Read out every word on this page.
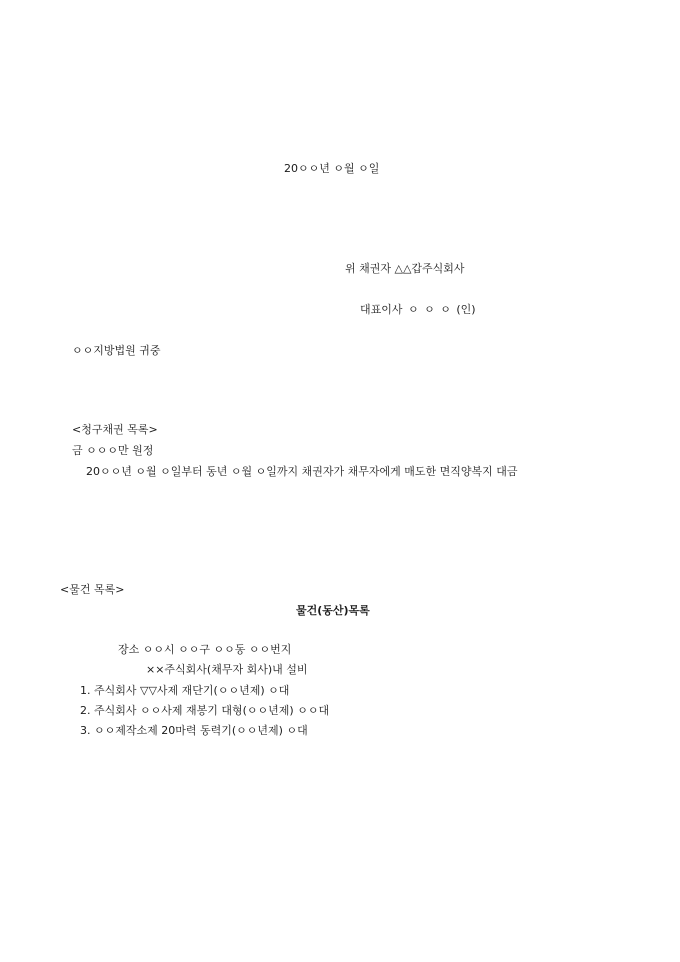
20ㅇㅇ년 ㅇ월 ㅇ일
위 채권자 △△갑주식회사
대표이사 ㅇ ㅇ ㅇ (인)
ㅇㅇ지방법원 귀중
<청구채권 목록>
금 ㅇㅇㅇ만 원정
20ㅇㅇ년 ㅇ월 ㅇ일부터 동년 ㅇ월 ㅇ일까지 채권자가 채무자에게 매도한 면직양복지 대금
<물건 목록>
물건(동산)목록
장소 ㅇㅇ시 ㅇㅇ구 ㅇㅇ동 ㅇㅇ번지
××주식회사(채무자 회사)내 설비
1. 주식회사 ▽▽사제 재단기(ㅇㅇ년제) ㅇ대
2. 주식회사 ㅇㅇ사제 재봉기 대형(ㅇㅇ년제) ㅇㅇ대
3. ㅇㅇ제작소제 20마력 동력기(ㅇㅇ년제) ㅇ대
